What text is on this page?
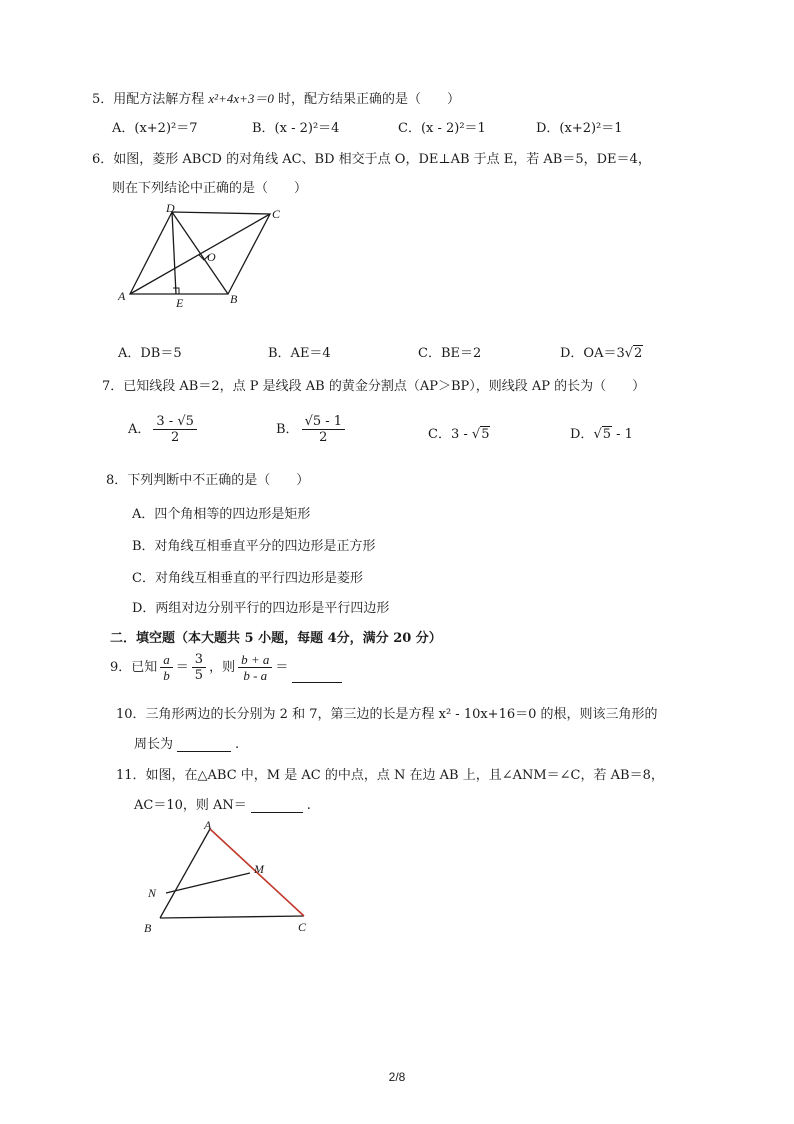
5．用配方法解方程 x²+4x+3＝0 时，配方结果正确的是（　　）
A．(x+2)²＝7	B．(x - 2)²＝4	C．(x - 2)²＝1	D．(x+2)²＝1
6．如图，菱形 ABCD 的对角线 AC、BD 相交于点 O，DE⊥AB 于点 E，若 AB＝5，DE＝4，
则在下列结论中正确的是（　　）
A	B
C
D
E
O
A．DB＝5	B．AE＝4	C．BE＝2	D．OA＝3√2
7．已知线段 AB＝2，点 P 是线段 AB 的黄金分割点（AP＞BP），则线段 AP 的长为（　　）
A． $\frac{3 - √5}{2}$	B． $\frac{√5 - 1}{2}$	C．3 - √5	D．√5 - 1
8．下列判断中不正确的是（　　）
A．四个角相等的四边形是矩形
B．对角线互相垂直平分的四边形是正方形
C．对角线互相垂直的平行四边形是菱形
D．两组对边分别平行的四边形是平行四边形
二．填空题（本大题共 5 小题，每题 4分，满分 20 分）
9．已知 $\frac{a}{b} = \frac{3}{5}$ ，则 $\frac{b + a}{b - a}$ ＝
10．三角形两边的长分别为 2 和 7，第三边的长是方程 x² - 10x+16＝0 的根，则该三角形的
周长为	.
11．如图，在△ABC 中，M 是 AC 的中点，点 N 在边 AB 上，且∠ANM＝∠C，若 AB＝8，
AC＝10，则 AN＝	.
A
B	C
M
N
2/8
